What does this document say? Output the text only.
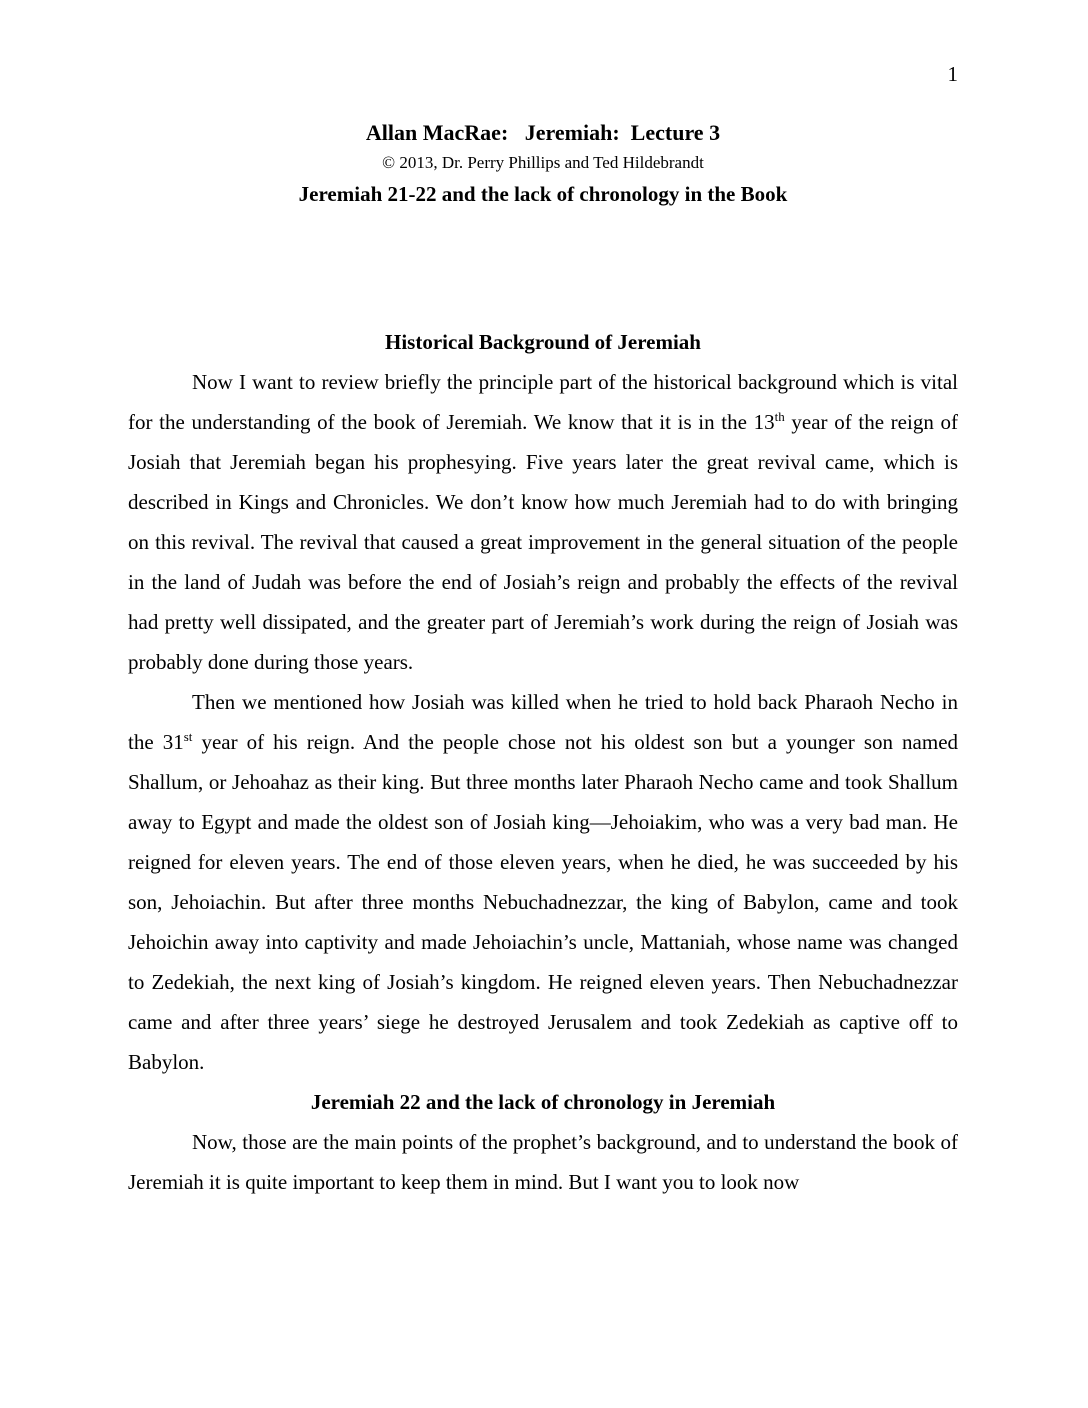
1
Allan MacRae:   Jeremiah:  Lecture 3
© 2013, Dr. Perry Phillips and Ted Hildebrandt
Jeremiah 21-22 and the lack of chronology in the Book
Historical Background of Jeremiah

Now I want to review briefly the principle part of the historical background which is vital for the understanding of the book of Jeremiah. We know that it is in the 13th year of the reign of Josiah that Jeremiah began his prophesying. Five years later the great revival came, which is described in Kings and Chronicles. We don’t know how much Jeremiah had to do with bringing on this revival. The revival that caused a great improvement in the general situation of the people in the land of Judah was before the end of Josiah’s reign and probably the effects of the revival had pretty well dissipated, and the greater part of Jeremiah’s work during the reign of Josiah was probably done during those years.

Then we mentioned how Josiah was killed when he tried to hold back Pharaoh Necho in the 31st year of his reign. And the people chose not his oldest son but a younger son named Shallum, or Jehoahaz as their king. But three months later Pharaoh Necho came and took Shallum away to Egypt and made the oldest son of Josiah king—Jehoiakim, who was a very bad man. He reigned for eleven years. The end of those eleven years, when he died, he was succeeded by his son, Jehoiachin. But after three months Nebuchadnezzar, the king of Babylon, came and took Jehoichin away into captivity and made Jehoiachin’s uncle, Mattaniah, whose name was changed to Zedekiah, the next king of Josiah’s kingdom. He reigned eleven years. Then Nebuchadnezzar came and after three years’ siege he destroyed Jerusalem and took Zedekiah as captive off to Babylon.

Jeremiah 22 and the lack of chronology in Jeremiah

Now, those are the main points of the prophet’s background, and to understand the book of Jeremiah it is quite important to keep them in mind. But I want you to look now
